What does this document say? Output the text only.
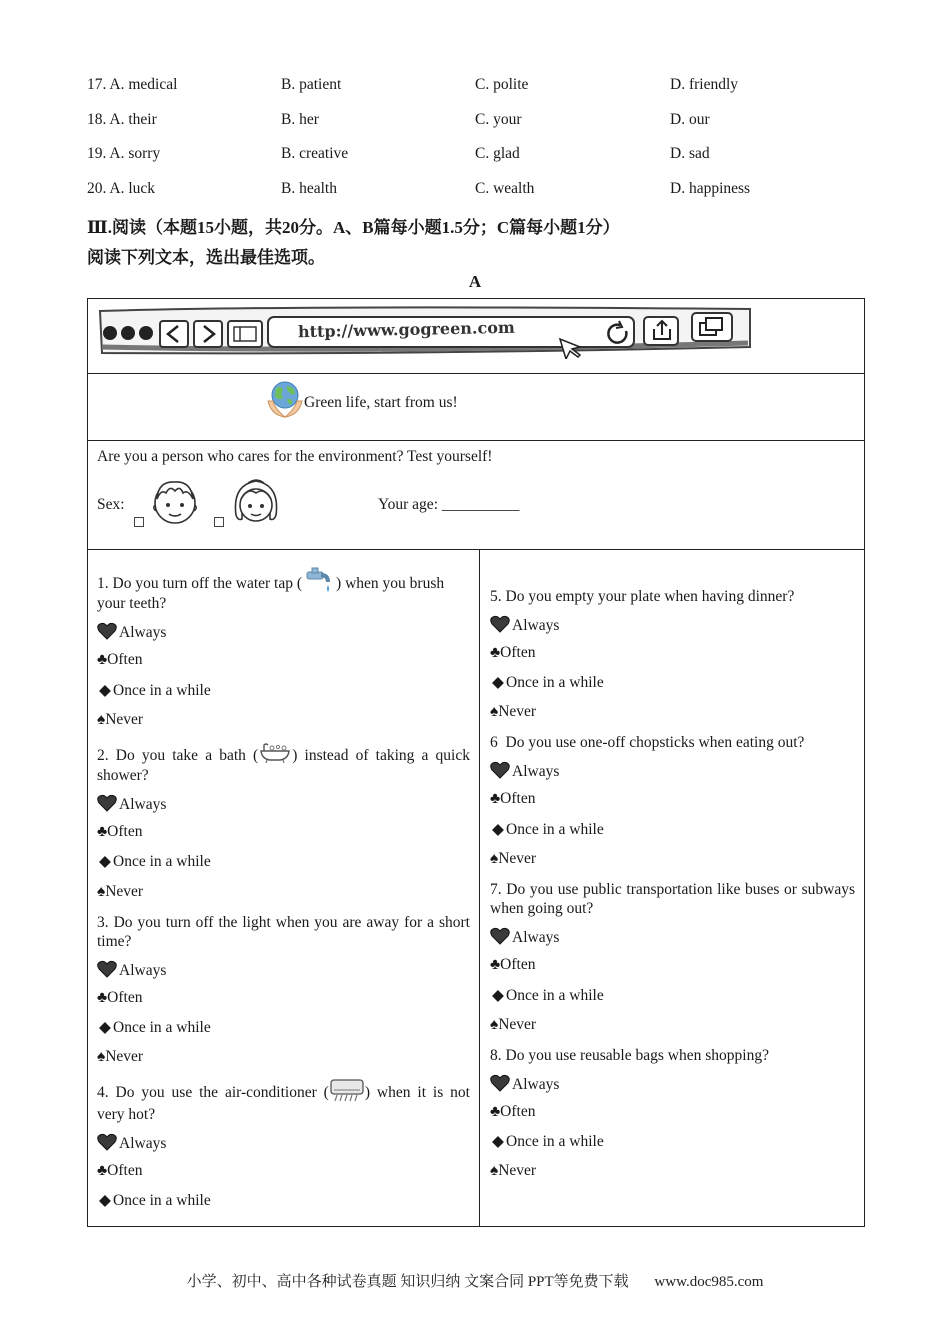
17. A. medical	B. patient	C. polite	D. friendly
18. A. their	B. her	C. your	D. our
19. A. sorry	B. creative	C. glad	D. sad
20. A. luck	B. health	C. wealth	D. happiness
Ⅲ.阅读（本题15小题，共20分。A、B篇每小题1.5分；C篇每小题1分）
阅读下列文本，选出最佳选项。
A
http://www.gogreen.com
Green life, start from us!
Are you a person who cares for the environment? Test yourself!
Sex:	Your age: __________
1. Do you turn off the water tap ( ) when you brush
your teeth?
Always
♣Often
◆ Once in a while
♠Never
2. Do you take a bath ( ) instead of taking a quick
shower?
Always
♣Often
◆ Once in a while
♠Never
3. Do you turn off the light when you are away for a short time?
Always
♣Often
◆ Once in a while
♠Never
4. Do you use the air-conditioner ( ) when it is not
very hot?
Always
♣Often
◆ Once in a while
5. Do you empty your plate when having dinner?
Always
♣Often
◆ Once in a while
♠Never
6  Do you use one-off chopsticks when eating out?
Always
♣Often
◆ Once in a while
♠Never
7. Do you use public transportation like buses or subways when going out?
Always
♣Often
◆ Once in a while
♠Never
8. Do you use reusable bags when shopping?
Always
♣Often
◆ Once in a while
♠Never
小学、初中、高中各种试卷真题 知识归纳 文案合同 PPT等免费下载 www.doc985.com
